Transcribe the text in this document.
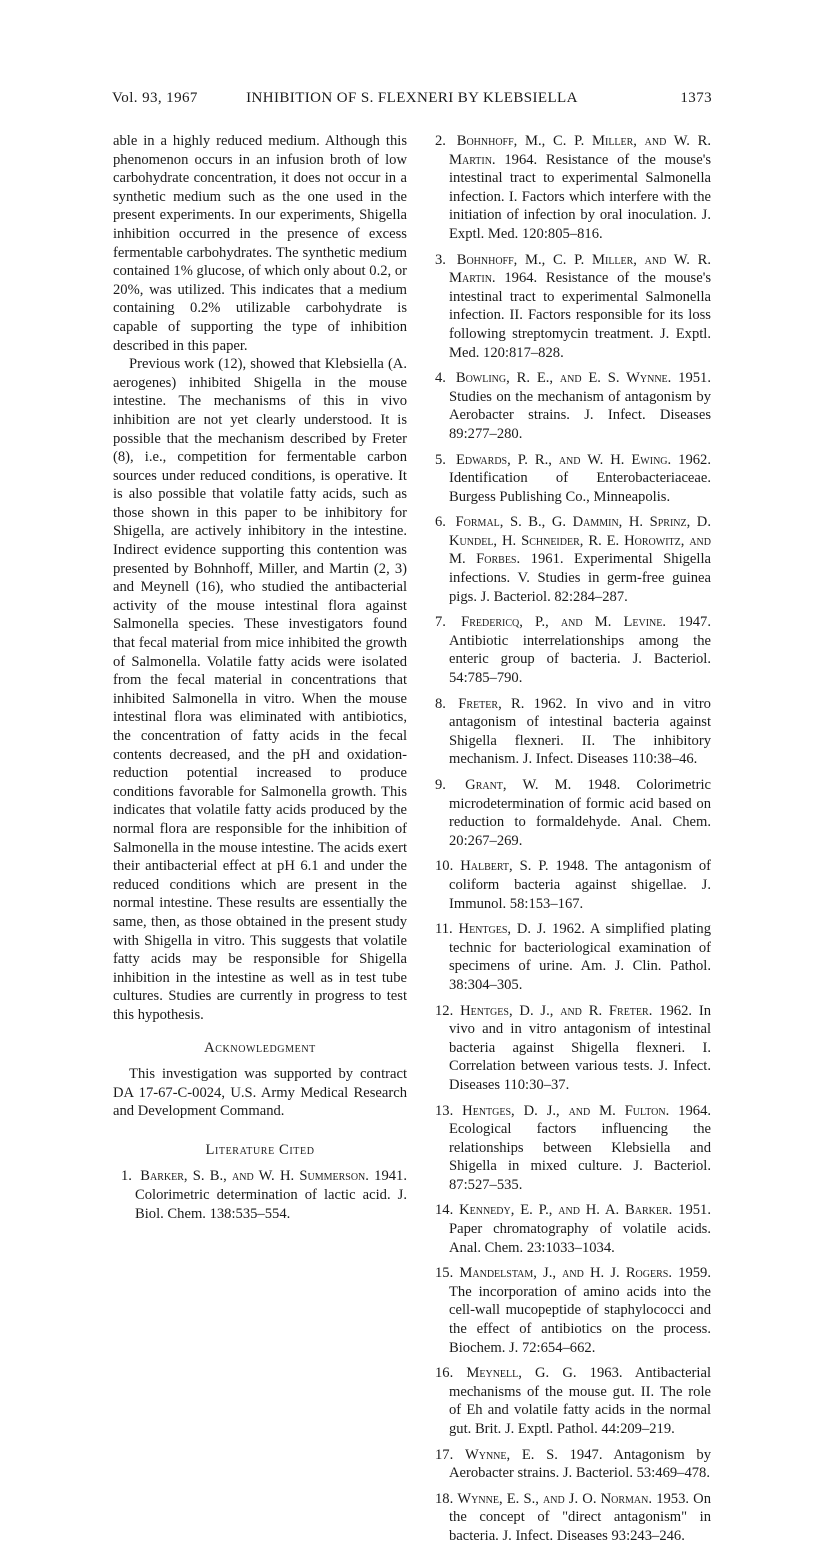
Vol. 93, 1967	INHIBITION OF S. FLEXNERI BY KLEBSIELLA	1373

able in a highly reduced medium. Although this phenomenon occurs in an infusion broth of low carbohydrate concentration, it does not occur in a synthetic medium such as the one used in the present experiments. In our experiments, Shigella inhibition occurred in the presence of excess fermentable carbohydrates. The synthetic medium contained 1% glucose, of which only about 0.2, or 20%, was utilized. This indicates that a medium containing 0.2% utilizable carbohydrate is capable of supporting the type of inhibition described in this paper.

Previous work (12), showed that Klebsiella (A. aerogenes) inhibited Shigella in the mouse intestine. The mechanisms of this in vivo inhibition are not yet clearly understood. It is possible that the mechanism described by Freter (8), i.e., competition for fermentable carbon sources under reduced conditions, is operative. It is also possible that volatile fatty acids, such as those shown in this paper to be inhibitory for Shigella, are actively inhibitory in the intestine. Indirect evidence supporting this contention was presented by Bohnhoff, Miller, and Martin (2, 3) and Meynell (16), who studied the antibacterial activity of the mouse intestinal flora against Salmonella species. These investigators found that fecal material from mice inhibited the growth of Salmonella. Volatile fatty acids were isolated from the fecal material in concentrations that inhibited Salmonella in vitro. When the mouse intestinal flora was eliminated with antibiotics, the concentration of fatty acids in the fecal contents decreased, and the pH and oxidation-reduction potential increased to produce conditions favorable for Salmonella growth. This indicates that volatile fatty acids produced by the normal flora are responsible for the inhibition of Salmonella in the mouse intestine. The acids exert their antibacterial effect at pH 6.1 and under the reduced conditions which are present in the normal intestine. These results are essentially the same, then, as those obtained in the present study with Shigella in vitro. This suggests that volatile fatty acids may be responsible for Shigella inhibition in the intestine as well as in test tube cultures. Studies are currently in progress to test this hypothesis.

Acknowledgment

This investigation was supported by contract DA 17-67-C-0024, U.S. Army Medical Research and Development Command.

Literature Cited
1. Barker, S. B., and W. H. Summerson. 1941. Colorimetric determination of lactic acid. J. Biol. Chem. 138:535–554.
2. Bohnhoff, M., C. P. Miller, and W. R. Martin. 1964. Resistance of the mouse's intestinal tract to experimental Salmonella infection. I. Factors which interfere with the initiation of infection by oral inoculation. J. Exptl. Med. 120:805–816.
3. Bohnhoff, M., C. P. Miller, and W. R. Martin. 1964. Resistance of the mouse's intestinal tract to experimental Salmonella infection. II. Factors responsible for its loss following streptomycin treatment. J. Exptl. Med. 120:817–828.
4. Bowling, R. E., and E. S. Wynne. 1951. Studies on the mechanism of antagonism by Aerobacter strains. J. Infect. Diseases 89:277–280.
5. Edwards, P. R., and W. H. Ewing. 1962. Identification of Enterobacteriaceae. Burgess Publishing Co., Minneapolis.
6. Formal, S. B., G. Dammin, H. Sprinz, D. Kundel, H. Schneider, R. E. Horowitz, and M. Forbes. 1961. Experimental Shigella infections. V. Studies in germ-free guinea pigs. J. Bacteriol. 82:284–287.
7. Fredericq, P., and M. Levine. 1947. Antibiotic interrelationships among the enteric group of bacteria. J. Bacteriol. 54:785–790.
8. Freter, R. 1962. In vivo and in vitro antagonism of intestinal bacteria against Shigella flexneri. II. The inhibitory mechanism. J. Infect. Diseases 110:38–46.
9. Grant, W. M. 1948. Colorimetric microdetermination of formic acid based on reduction to formaldehyde. Anal. Chem. 20:267–269.
10. Halbert, S. P. 1948. The antagonism of coliform bacteria against shigellae. J. Immunol. 58:153–167.
11. Hentges, D. J. 1962. A simplified plating technic for bacteriological examination of specimens of urine. Am. J. Clin. Pathol. 38:304–305.
12. Hentges, D. J., and R. Freter. 1962. In vivo and in vitro antagonism of intestinal bacteria against Shigella flexneri. I. Correlation between various tests. J. Infect. Diseases 110:30–37.
13. Hentges, D. J., and M. Fulton. 1964. Ecological factors influencing the relationships between Klebsiella and Shigella in mixed culture. J. Bacteriol. 87:527–535.
14. Kennedy, E. P., and H. A. Barker. 1951. Paper chromatography of volatile acids. Anal. Chem. 23:1033–1034.
15. Mandelstam, J., and H. J. Rogers. 1959. The incorporation of amino acids into the cell-wall mucopeptide of staphylococci and the effect of antibiotics on the process. Biochem. J. 72:654–662.
16. Meynell, G. G. 1963. Antibacterial mechanisms of the mouse gut. II. The role of Eh and volatile fatty acids in the normal gut. Brit. J. Exptl. Pathol. 44:209–219.
17. Wynne, E. S. 1947. Antagonism by Aerobacter strains. J. Bacteriol. 53:469–478.
18. Wynne, E. S., and J. O. Norman. 1953. On the concept of "direct antagonism" in bacteria. J. Infect. Diseases 93:243–246.
